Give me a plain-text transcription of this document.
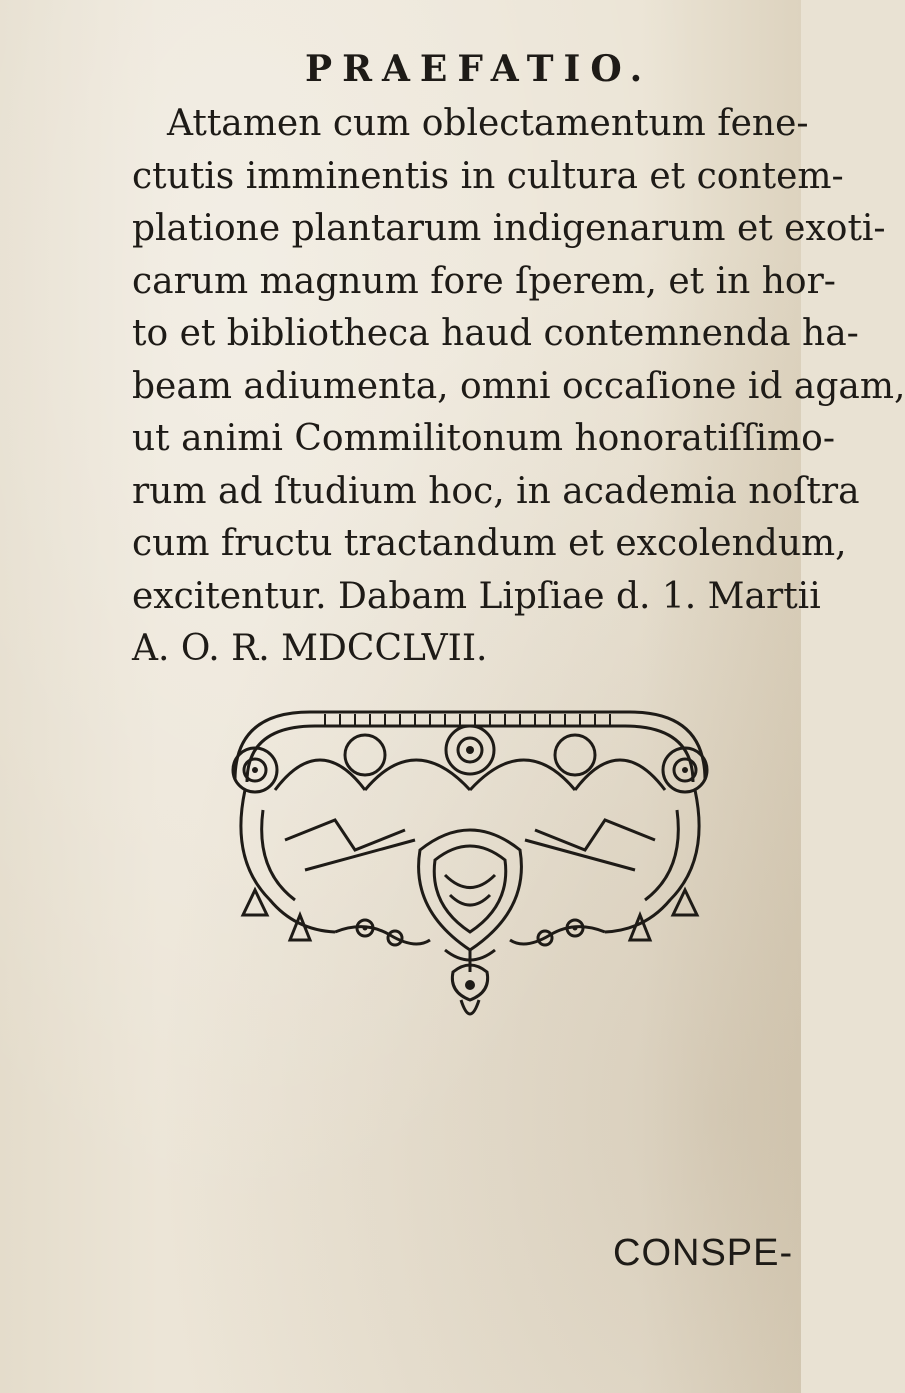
PRAEFATIO.
Attamen cum obleⅽtamentum fene-
ⅽtutis imminentis in cultura et contem-
platione plantarum indigenarum et exoti-
carum magnum fore ſperem, et in hor-
to et bibliotheca haud contemnenda ha-
beam adiumenta, omni occaſione id agam,
ut animi Commilitonum honoratiſſimo-
rum ad ſtudium hoc, in academia noſtra
cum fruⅽtu traⅽtandum et excolendum,
excitentur. Dabam Lipſiae d. 1. Martii
A. O. R. MDCCLVII.
CONSPE-
